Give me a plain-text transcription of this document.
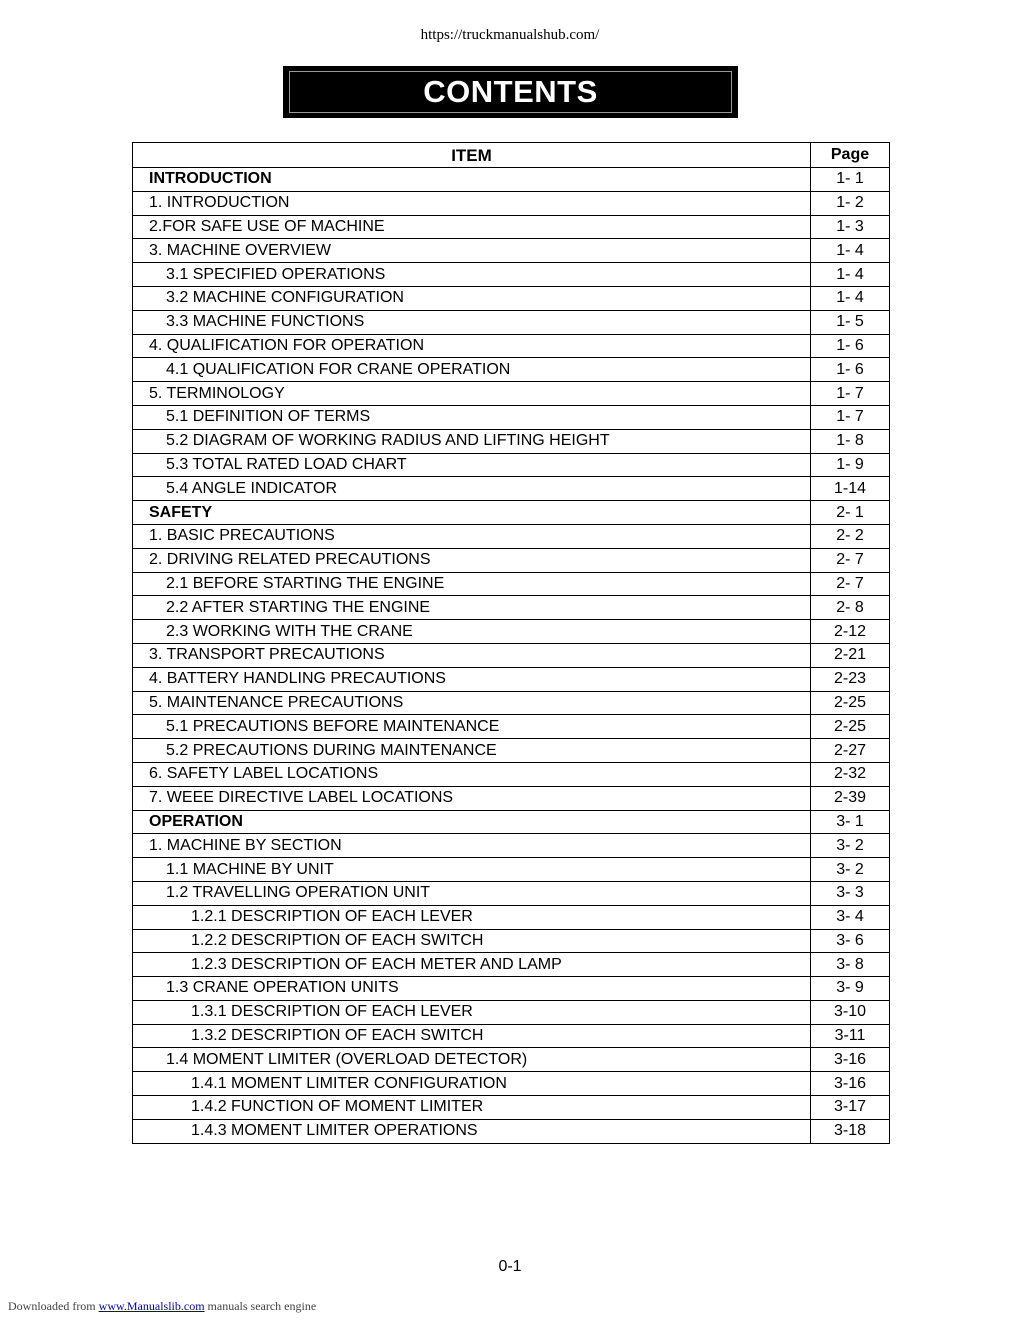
https://truckmanualshub.com/
CONTENTS
ITEM	Page
INTRODUCTION	1- 1
1. INTRODUCTION	1- 2
2.FOR SAFE USE OF MACHINE	1- 3
3. MACHINE OVERVIEW	1- 4
3.1 SPECIFIED OPERATIONS	1- 4
3.2 MACHINE CONFIGURATION	1- 4
3.3 MACHINE FUNCTIONS	1- 5
4. QUALIFICATION FOR OPERATION	1- 6
4.1 QUALIFICATION FOR CRANE OPERATION	1- 6
5. TERMINOLOGY	1- 7
5.1 DEFINITION OF TERMS	1- 7
5.2 DIAGRAM OF WORKING RADIUS AND LIFTING HEIGHT	1- 8
5.3 TOTAL RATED LOAD CHART	1- 9
5.4 ANGLE INDICATOR	1-14
SAFETY	2- 1
1. BASIC PRECAUTIONS	2- 2
2. DRIVING RELATED PRECAUTIONS	2- 7
2.1 BEFORE STARTING THE ENGINE	2- 7
2.2 AFTER STARTING THE ENGINE	2- 8
2.3 WORKING WITH THE CRANE	2-12
3. TRANSPORT PRECAUTIONS	2-21
4. BATTERY HANDLING PRECAUTIONS	2-23
5. MAINTENANCE PRECAUTIONS	2-25
5.1 PRECAUTIONS BEFORE MAINTENANCE	2-25
5.2 PRECAUTIONS DURING MAINTENANCE	2-27
6. SAFETY LABEL LOCATIONS	2-32
7. WEEE DIRECTIVE LABEL LOCATIONS	2-39
OPERATION	3- 1
1. MACHINE BY SECTION	3- 2
1.1 MACHINE BY UNIT	3- 2
1.2 TRAVELLING OPERATION UNIT	3- 3
1.2.1 DESCRIPTION OF EACH LEVER	3- 4
1.2.2 DESCRIPTION OF EACH SWITCH	3- 6
1.2.3 DESCRIPTION OF EACH METER AND LAMP	3- 8
1.3 CRANE OPERATION UNITS	3- 9
1.3.1 DESCRIPTION OF EACH LEVER	3-10
1.3.2 DESCRIPTION OF EACH SWITCH	3-11
1.4 MOMENT LIMITER (OVERLOAD DETECTOR)	3-16
1.4.1 MOMENT LIMITER CONFIGURATION	3-16
1.4.2 FUNCTION OF MOMENT LIMITER	3-17
1.4.3 MOMENT LIMITER OPERATIONS	3-18
0-1
Downloaded from www.Manualslib.com manuals search engine
